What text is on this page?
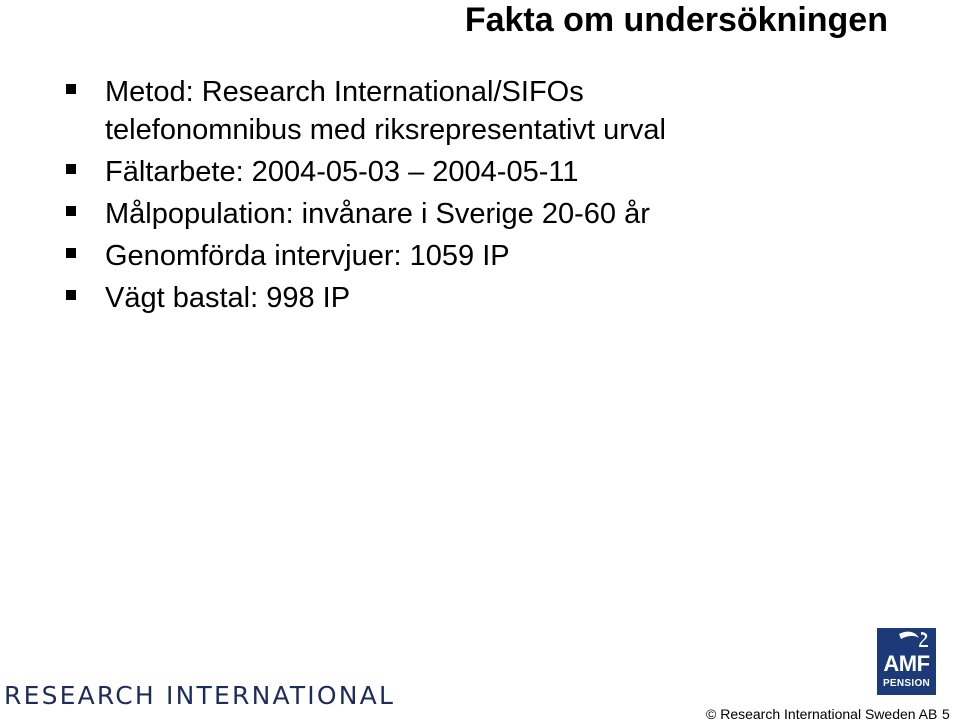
Fakta om undersökningen
Metod: Research International/SIFOs
telefonomnibus med riksrepresentativt urval
Fältarbete: 2004-05-03 – 2004-05-11
Målpopulation: invånare i Sverige 20-60 år
Genomförda intervjuer: 1059 IP
Vägt bastal: 998 IP
RESEARCH INTERNATIONAL
AMF
PENSION
© Research International Sweden AB 5
